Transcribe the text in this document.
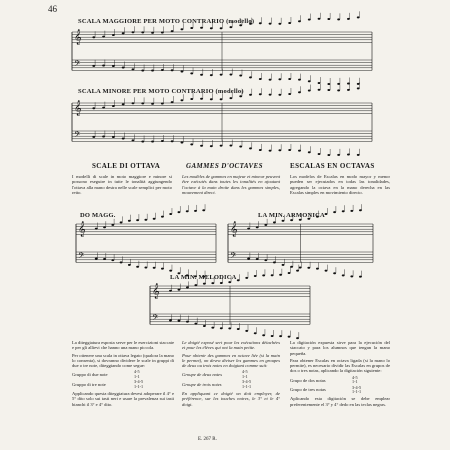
46
𝄞
𝄢
𝄞
𝄢
𝄞
𝄢
𝄞
𝄢
𝄞
𝄢
SCALA MAGGIORE PER MOTO CONTRARIO (modello)
SCALA MINORE PER MOTO CONTRARIO (modello)
SCALE DI OTTAVA	GAMMES D'OCTAVES	ESCALAS EN OCTAVAS
I modelli di scale in moto maggiore e minore si possono eseguire in tutte le tonalità aggiungendo l'ottava alla mano destra nelle scale semplici per moto retto.
Les modèles de gammes en majeur et mineur peuvent être exécutés dans toutes les tonalités en ajoutant l'octave à la main droite dans les gammes simples, mouvement direct.
Los modelos de Escalas en modo mayor y menor pueden ser ejecutados en todas las tonalidades, agregando la octava en la mano derecha en las Escalas simples en movimiento directo.
DO MAGG.	LA MIN. ARMONICA
LA MIN. MELODICA
La diteggiatura esposta serve per le esercizioni staccate e per gli allievi che hanno una mano piccola.
Per ottenere una scala in ottava legato (qualora la mano lo consenta), si dovranno dividere le scale in gruppi di due o tre note, diteggiando come segue:
Gruppo di due note
4-5
1-1
Gruppo di tre note
3-4-5
1-1-1
Applicando questa diteggiatura devesi adoperare il 4° e 5° dito solo sui tasti neri e usare la prevalenza sui tasti bianchi il 3° e 4° dito.
Le doigté exposé sert pour les exécutions détachées et pour les élèves qui ont la main petite.
Pour obtenir des gammes en octave liée (si la main le permet), on devra diviser les gammes en groupes de deux ou trois notes en doigtant comme suit:
Groupe de deux notes
4-5
1-1
Groupe de trois notes
3-4-5
1-1-1
En appliquant ce doigté on doit employer, de préférence, sur les touches noires, le 3° et le 4° doigt.
La digitación expuesta sirve para la ejecución del staccato y para los alumnos que tengan la mano pequeña.
Para obtener Escalas en octava ligada (si la mano lo permite), es necesario dividir las Escalas en grupos de dos o tres notas, aplicando la digitación siguiente:
Grupo de dos notas
4-5
1-1
Grupo de tres notas
3-4-5
1-1-1
Aplicando esta digitación se debe emplear preferentemente el 3° y 4° dedo en las teclas negras.
E. 267 R.
